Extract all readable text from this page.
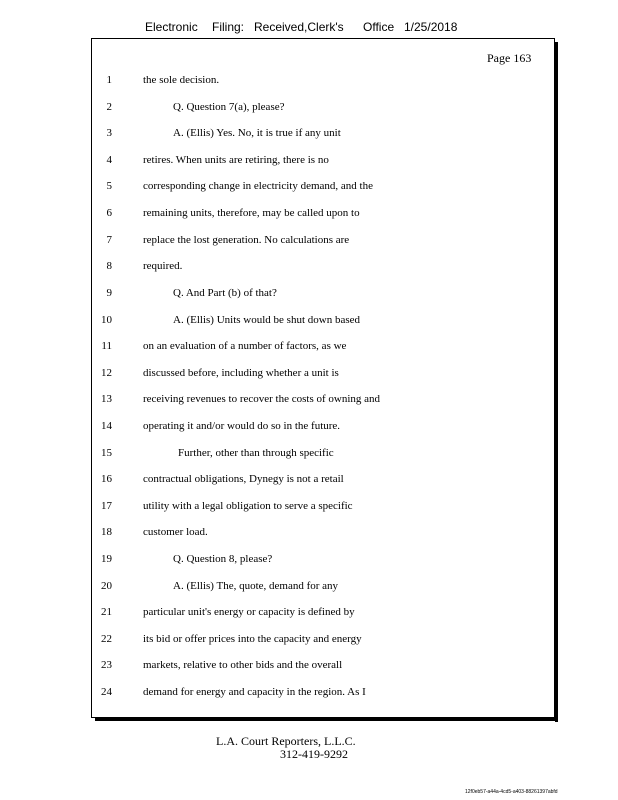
Electronic Filing: Received,Clerk's Office 1/25/2018
Page 163
1	the sole decision.
2	Q. Question 7(a), please?
3	A. (Ellis) Yes. No, it is true if any unit
4	retires. When units are retiring, there is no
5	corresponding change in electricity demand, and the
6	remaining units, therefore, may be called upon to
7	replace the lost generation. No calculations are
8	required.
9	Q. And Part (b) of that?
10	A. (Ellis) Units would be shut down based
11	on an evaluation of a number of factors, as we
12	discussed before, including whether a unit is
13	receiving revenues to recover the costs of owning and
14	operating it and/or would do so in the future.
15	Further, other than through specific
16	contractual obligations, Dynegy is not a retail
17	utility with a legal obligation to serve a specific
18	customer load.
19	Q. Question 8, please?
20	A. (Ellis) The, quote, demand for any
21	particular unit's energy or capacity is defined by
22	its bid or offer prices into the capacity and energy
23	markets, relative to other bids and the overall
24	demand for energy and capacity in the region. As I
L.A. Court Reporters, L.L.C.
312-419-9292
12f0eb57-a44a-4cd5-a403-88261397abfd
